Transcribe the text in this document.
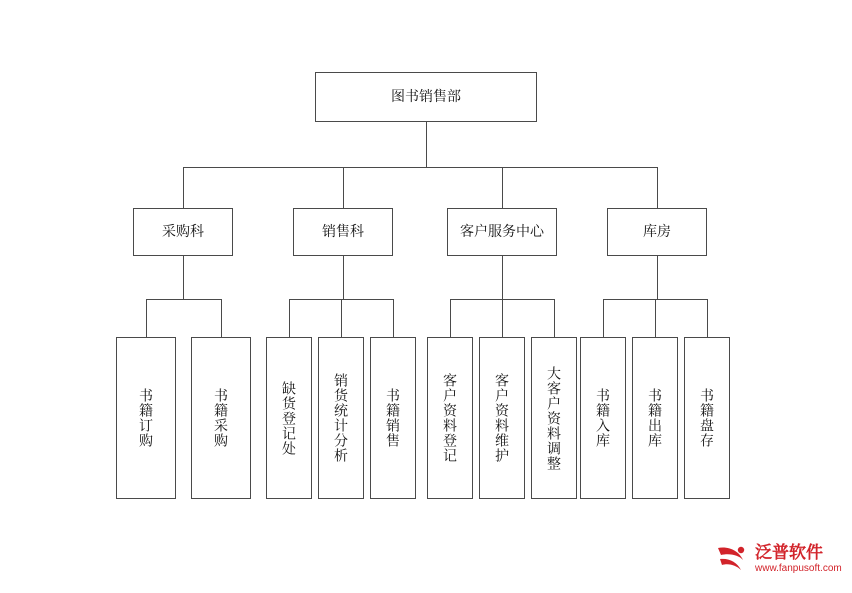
图书销售部
采购科	销售科	客户服务中心	库房
书籍订购	书籍采购	缺货登记处	销货统计分析	书籍销售	客户资料登记	客户资料维护	大客户资料调整 书籍入库	书籍出库	书籍盘存
泛普软件
www.fanpusoft.com
